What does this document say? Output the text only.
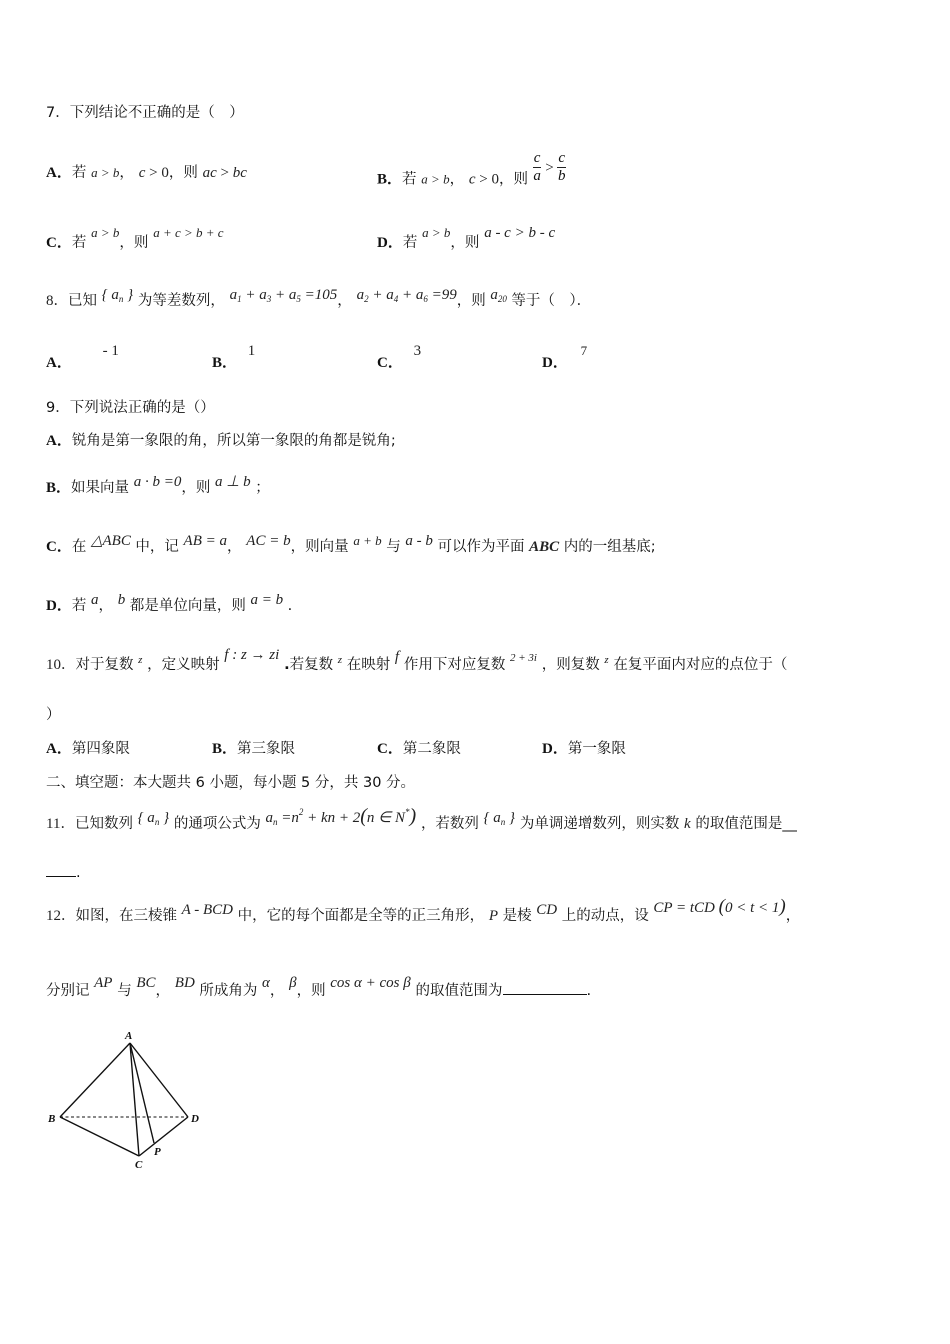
7．下列结论不正确的是（　）
A．若 a > b， c > 0，则 ac > bc	B．若 a > b， c > 0，则 $\frac{c}{a} > \frac{c}{b}$
C．若 a > b，则 a + c > b + c
D．若 a > b，则 a - c > b - c
8．已知 { $a_n$ } 为等差数列， $a_1 + a_3 + a_5 =105$， $a_2 + a_4 + a_6 =99$，则 $a_{20}$ 等于（　）．
A． - 1
B． 1
C． 3
D． 7
9．下列说法正确的是（）
A．锐角是第一象限的角，所以第一象限的角都是锐角;
B．如果向量 a · b =0，则 a ⊥ b ；
C．在 △ABC 中，记 AB = a， AC = b，则向量 a + b 与 a - b 可以作为平面 ABC 内的一组基底;
D．若 a， b 都是单位向量，则 a = b .
10．对于复数 $^z$ ，定义映射 f : z → zi .若复数 $^z$ 在映射 f 作用下对应复数 $^{2 + 3i}$ ，则复数 $^z$ 在复平面内对应的点位于（
）
A．第四象限	B．第三象限	C．第二象限	D．第一象限
二、填空题：本大题共 6 小题，每小题 5 分，共 30 分。
11．已知数列 { $a_n$ } 的通项公式为 $a_n =n^2$ + kn + 2(n ∈ N*) ，若数列 { $a_n$ } 为单调递增数列，则实数 k 的取值范围是__
.
12．如图，在三棱锥 A - BCD 中，它的每个面都是全等的正三角形， P 是棱 CD 上的动点，设 CP = tCD (0 < t < 1)，
分别记 AP 与 BC， BD 所成角为 α， β，则 cos α + cos β 的取值范围为	.
A
B
C
D
P
